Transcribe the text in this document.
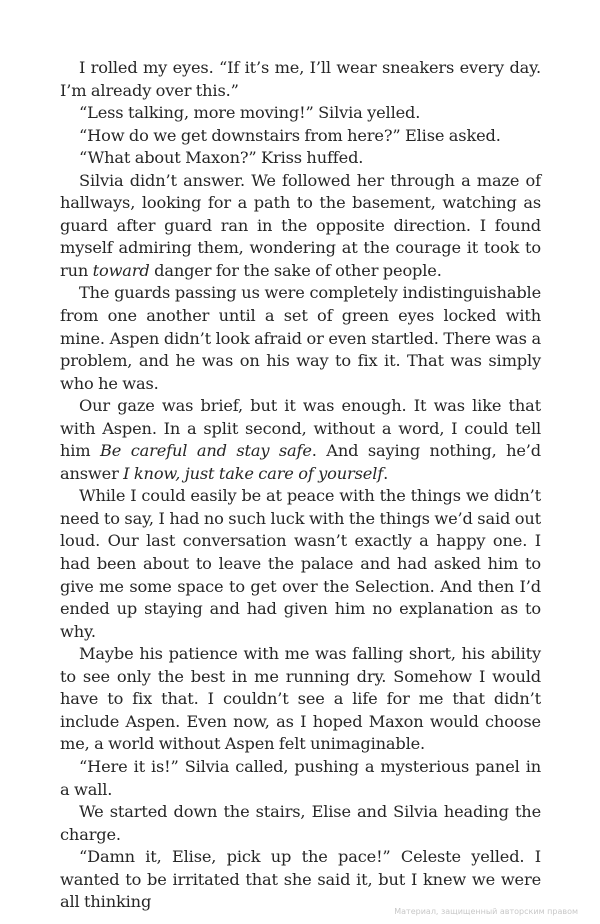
I rolled my eyes. “If it’s me, I’ll wear sneakers every day. I’m already over this.”

“Less talking, more moving!” Silvia yelled.

“How do we get downstairs from here?” Elise asked.

“What about Maxon?” Kriss huffed.

Silvia didn’t answer. We followed her through a maze of hallways, looking for a path to the basement, watching as guard after guard ran in the opposite direction. I found myself admiring them, wondering at the courage it took to run toward danger for the sake of other people.

The guards passing us were completely indistinguishable from one another until a set of green eyes locked with mine. Aspen didn’t look afraid or even startled. There was a problem, and he was on his way to fix it. That was simply who he was.

Our gaze was brief, but it was enough. It was like that with Aspen. In a split second, without a word, I could tell him Be careful and stay safe. And saying nothing, he’d answer I know, just take care of yourself.

While I could easily be at peace with the things we didn’t need to say, I had no such luck with the things we’d said out loud. Our last conversation wasn’t exactly a happy one. I had been about to leave the palace and had asked him to give me some space to get over the Selection. And then I’d ended up staying and had given him no explanation as to why.

Maybe his patience with me was falling short, his ability to see only the best in me running dry. Somehow I would have to fix that. I couldn’t see a life for me that didn’t include Aspen. Even now, as I hoped Maxon would choose me, a world without Aspen felt unimaginable.

“Here it is!” Silvia called, pushing a mysterious panel in a wall.

We started down the stairs, Elise and Silvia heading the charge.

“Damn it, Elise, pick up the pace!” Celeste yelled. I wanted to be irritated that she said it, but I knew we were all thinking

Материал, защищенный авторским правом
